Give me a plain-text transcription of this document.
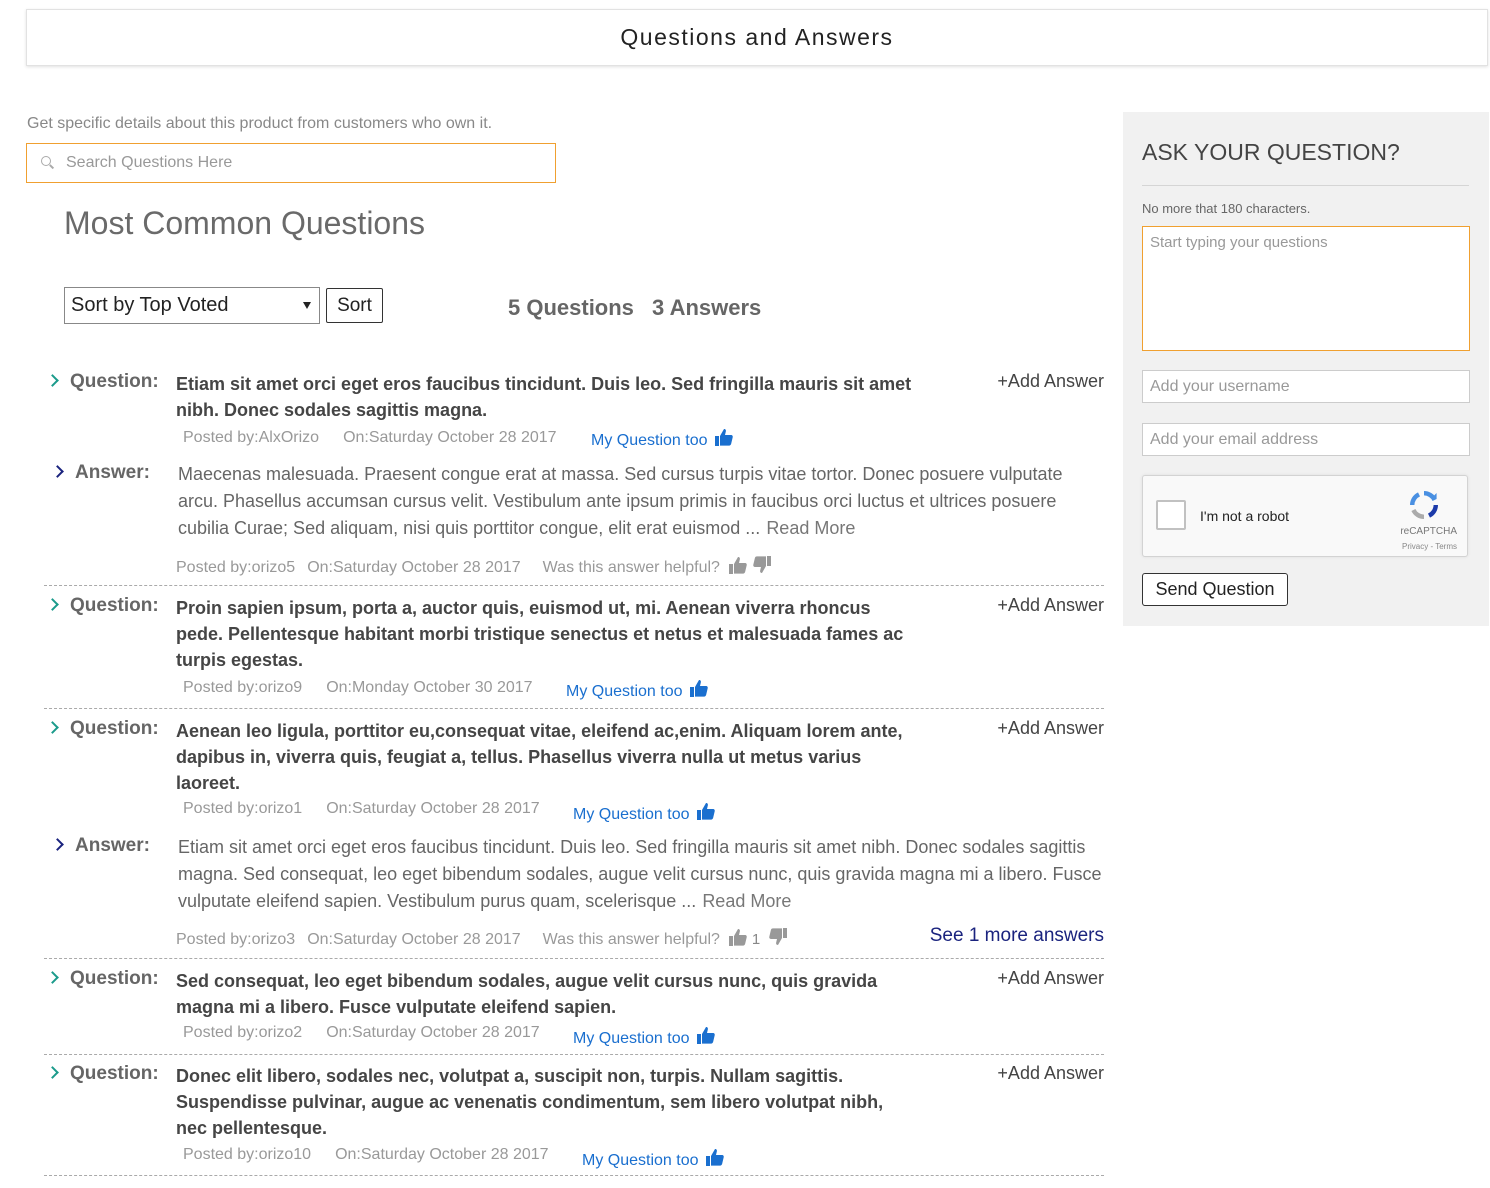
Questions and Answers
Get specific details about this product from customers who own it.
Search Questions Here
Most Common Questions
Sort by Top Voted	Sort	5 Questions 3 Answers
Question: Etiam sit amet orci eget eros faucibus tincidunt. Duis leo. Sed fringilla mauris sit amet nibh. Donec sodales sagittis magna.
+Add Answer
Posted by:AlxOrizo On:Saturday October 28 2017 My Question too
Answer: Maecenas malesuada. Praesent congue erat at massa. Sed cursus turpis vitae tortor. Donec posuere vulputate arcu. Phasellus accumsan cursus velit. Vestibulum ante ipsum primis in faucibus orci luctus et ultrices posuere cubilia Curae; Sed aliquam, nisi quis porttitor congue, elit erat euismod ... Read More
Posted by:orizo5 On:Saturday October 28 2017 Was this answer helpful?
Question: Proin sapien ipsum, porta a, auctor quis, euismod ut, mi. Aenean viverra rhoncus pede. Pellentesque habitant morbi tristique senectus et netus et malesuada fames ac turpis egestas.
+Add Answer
Posted by:orizo9 On:Monday October 30 2017 My Question too
Question: Aenean leo ligula, porttitor eu,consequat vitae, eleifend ac,enim. Aliquam lorem ante, dapibus in, viverra quis, feugiat a, tellus. Phasellus viverra nulla ut metus varius laoreet.
+Add Answer
Posted by:orizo1 On:Saturday October 28 2017 My Question too
Answer: Etiam sit amet orci eget eros faucibus tincidunt. Duis leo. Sed fringilla mauris sit amet nibh. Donec sodales sagittis magna. Sed consequat, leo eget bibendum sodales, augue velit cursus nunc, quis gravida magna mi a libero. Fusce vulputate eleifend sapien. Vestibulum purus quam, scelerisque ... Read More
Posted by:orizo3 On:Saturday October 28 2017 Was this answer helpful? 1	See 1 more answers
Question: Sed consequat, leo eget bibendum sodales, augue velit cursus nunc, quis gravida magna mi a libero. Fusce vulputate eleifend sapien.
+Add Answer
Posted by:orizo2 On:Saturday October 28 2017 My Question too
Question: Donec elit libero, sodales nec, volutpat a, suscipit non, turpis. Nullam sagittis. Suspendisse pulvinar, augue ac venenatis condimentum, sem libero volutpat nibh, nec pellentesque.
+Add Answer
Posted by:orizo10 On:Saturday October 28 2017 My Question too
ASK YOUR QUESTION?
No more that 180 characters.
Start typing your questions
Add your username
Add your email address
I'm not a robot
reCAPTCHA
Privacy - Terms
Send Question
